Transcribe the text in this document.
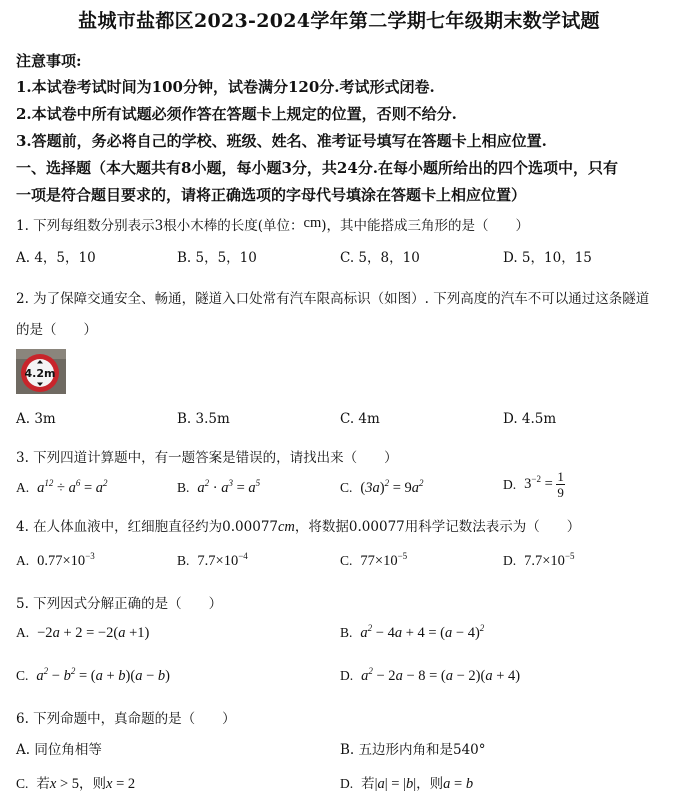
盐城市盐都区2023-2024学年第二学期七年级期末数学试题
注意事项:
1.本试卷考试时间为100分钟，试卷满分120分.考试形式闭卷.
2.本试卷中所有试题必须作答在答题卡上规定的位置，否则不给分.
3.答题前，务必将自己的学校、班级、姓名、准考证号填写在答题卡上相应位置.
一、选择题（本大题共有8小题，每小题3分，共24分.在每小题所给出的四个选项中，只有
一项是符合题目要求的，请将正确选项的字母代号填涂在答题卡上相应位置）
1. 下列每组数分别表示3根小木棒的长度(单位：cm)，其中能搭成三角形的是（　　）
A. 4，5，10	B. 5，5，10	C. 5，8，10	D. 5，10，15
2. 为了保障交通安全、畅通，隧道入口处常有汽车限高标识（如图）. 下列高度的汽车不可以通过这条隧道
的是（　　）
4.2m
A. 3m	B. 3.5m	C. 4m	D. 4.5m
3. 下列四道计算题中，有一题答案是错误的，请找出来（　　）
A. $a^{12} \div a^6 = a^2$	B. $a^2 \cdot a^3 = a^5$	C. $(3a)^2 = 9a^2$	D. $3^{-2} = \frac{1}{9}$
4. 在人体血液中，红细胞直径约为0.00077cm，将数据0.00077用科学记数法表示为（　　）
A. $0.77\times 10^{-3}$	B. $7.7\times 10^{-4}$	C. $77\times 10^{-5}$	D. $7.7\times 10^{-5}$
5. 下列因式分解正确的是（　　）
A. −2a + 2 = −2(a +1)	B. $a^2 - 4a + 4 = (a - 4)^2$
C. $a^2 - b^2 = (a + b)(a - b)$	D. $a^2 - 2a - 8 = (a - 2)(a + 4)$
6. 下列命题中，真命题的是（　　）
A. 同位角相等	B. 五边形内角和是540°
C. 若x > 5，则x = 2	D. 若|a| = |b|，则a = b
